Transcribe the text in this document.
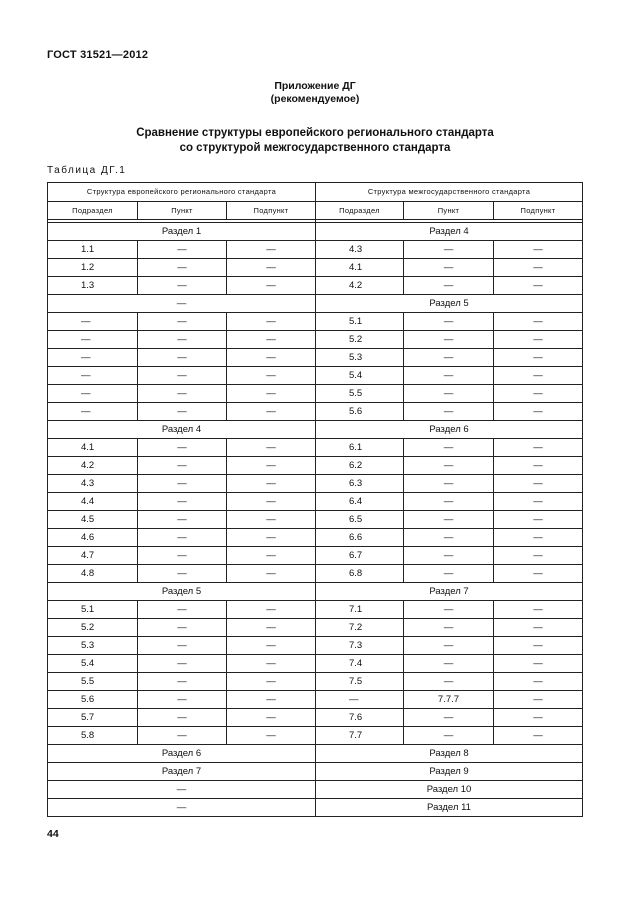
ГОСТ 31521—2012
Приложение ДГ
(рекомендуемое)
Сравнение структуры европейского регионального стандарта
со структурой межгосударственного стандарта
Таблица ДГ.1
Структура европейского регионального стандарта			Структура межгосударственного стандарта		
Подраздел	Пункт	Подпункт	Подраздел	Пункт	Подпункт

Раздел 1			Раздел 4		
1.1	—	—	4.3	—	—
1.2	—	—	4.1	—	—
1.3	—	—	4.2	—	—
—			Раздел 5		
—	—	—	5.1	—	—
—	—	—	5.2	—	—
—	—	—	5.3	—	—
—	—	—	5.4	—	—
—	—	—	5.5	—	—
—	—	—	5.6	—	—
Раздел 4			Раздел 6		
4.1	—	—	6.1	—	—
4.2	—	—	6.2	—	—
4.3	—	—	6.3	—	—
4.4	—	—	6.4	—	—
4.5	—	—	6.5	—	—
4.6	—	—	6.6	—	—
4.7	—	—	6.7	—	—
4.8	—	—	6.8	—	—
Раздел 5			Раздел 7		
5.1	—	—	7.1	—	—
5.2	—	—	7.2	—	—
5.3	—	—	7.3	—	—
5.4	—	—	7.4	—	—
5.5	—	—	7.5	—	—
5.6	—	—	—	7.7.7	—
5.7	—	—	7.6	—	—
5.8	—	—	7.7	—	—
Раздел 6			Раздел 8		
Раздел 7			Раздел 9		
—			Раздел 10		
—			Раздел 11		
44
